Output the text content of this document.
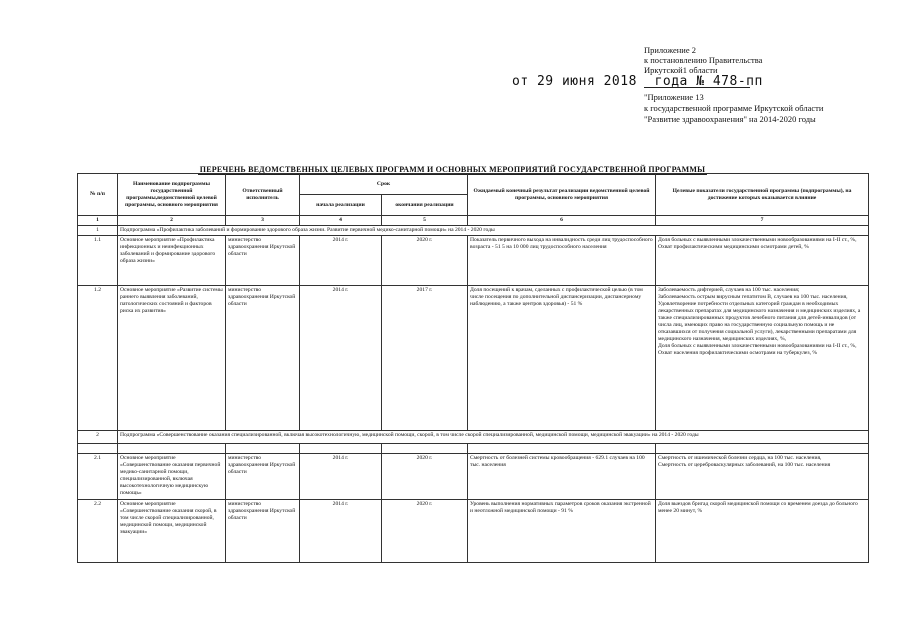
Приложение 2
к постановлению Правительства
Иркутской1 области
от 29 июня 2018 года № 478-пп
"Приложение 13
к государственной программе Иркутской области
"Развитие здравоохранения" на 2014-2020 годы
ПЕРЕЧЕНЬ ВЕДОМСТВЕННЫХ ЦЕЛЕВЫХ ПРОГРАММ И ОСНОВНЫХ МЕРОПРИЯТИЙ ГОСУДАРСТВЕННОЙ ПРОГРАММЫ
№ п/п	Наименование подпрограммы государственной программы,ведомственной целевой программы, основного мероприятия	Ответственный исполнитель	Срок		Ожидаемый конечный результат реализации ведомственной целевой программы, основного мероприятия	Целевые показатели государственной программы (подпрограммы), на достижение которых оказывается влияние
			начала реализации	окончания реализации		
1	2	3	4	5	6	7
1	Подпрограмма «Профилактика заболеваний и формирование здорового образа жизни. Развитие первичной медико-санитарной помощи» на 2014 - 2020 годы					
1.1	Основное мероприятие «Профилактика инфекционных и неинфекционных заболеваний и формирование здорового образа жизни»	министерство здравоохранения Иркутской области	2014 г.	2020 г.	Показатель первичного выхода на инвалидность среди лиц трудоспособного возраста - 51 5 на 10 000 лиц трудоспособного населения	Доля больных с выявленными злокачественными новообразованиями на I-II ст., %,
Охват профилактическими медицинскими осмотрами детей, %

1.2	Основное мероприятие «Развитие системы раннего выявления заболеваний, патологических состояний и факторов риска их развития»	министерство здравоохранения Иркутской области	2014 г.	2017 г.	Доля посещений к врачам, сделанных с профилактической целью (в том числе посещения по дополнительной диспансеризации, диспансерному наблюдению, а также центров здоровья) - 51 %	Заболеваемость дифтерией, случаев на 100 тыс. населения;
Заболеваемость острым вирусным гепатитом В, случаев на 100 тыс. населения,
Удовлетворение потребности отдельных категорий граждан в необходимых лекарственных препаратах для медицинского назначения и медицинских изделиях, а также специализированных продуктов лечебного питания для детей-инвалидов (от числа лиц, имеющих право на государственную социальную помощь и не отказавшихся от получения социальной услуги), лекарственными препаратами для медицинского назначения, медицинских изделиях, %,
Доля больных с выявленными злокачественными новообразованиями на I-II ст., %,
Охват населения профилактическими осмотрами на туберкулез, %

2	Подпрограмма «Совершенствование оказания специализированной, включая высокотехнологичную, медицинской помощи, скорой, в том числе скорой специализированной, медицинской помощи, медицинской эвакуации» на 2014 - 2020 годы					

2.1	Основное мероприятие «Совершенствование оказания первичной медико-санитарной помощи, специализированной, включая высокотехнологичную медицинскую помощь»	министерство здравоохранения Иркутской области	2014 г.	2020 г.	Смертность от болезней системы кровообращения - 629.1 случаев на 100 тыс. населения	Смертность от ишемической болезни сердца, на 100 тыс. населения,
Смертность от цереброваскулярных заболеваний, на 100 тыс. населения

2.2	Основное мероприятие «Совершенствование оказания скорой, в том числе скорой специализированной, медицинской помощи, медицинской эвакуации»	министерство здравоохранения Иркутской области	2014 г.	2020 г.	Уровень выполнения нормативных параметров сроков оказания экстренной и неотложной медицинской помощи - 91 %	Доля выездов бригад скорой медицинской помощи со временем доезда до больного менее 20 минут, %
